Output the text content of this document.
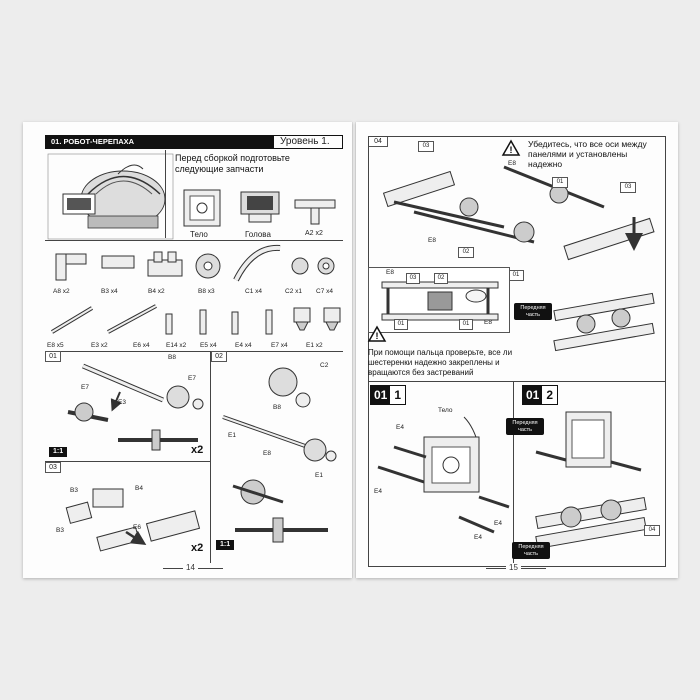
01. РОБОТ-ЧЕРЕПАХА	Уровень 1.
Перед сборкой подготовьте следующие запчасти
Тело	Голова	A2 x2
A8 x2	B3 x4	B4 x2	B8 x3	C1 x4	C2 x1 C7 x4
E8 x5	E3 x2	E6 x4	E14 x2 E5 x4	E4 x4	E7 x4	E1 x2
01	B8
E7
E7
E3
1:1	x2
02
C2
B8
E1
E8
E1
1:1
03
B3	B4
B3	E6
x2
14
04
!
Убедитесь, что все оси между панелями и установлены надежно
03
E8
01
03
E8
02
01
E8
03	02
01	01	E8
Передняя часть
!
При помощи пальца проверьте, все ли шестеренки надежно закреплены и вращаются без застреваний
01 1
Тело
E4
E4
E4
E4
01 2
Передняя часть
04
Передняя часть
15
